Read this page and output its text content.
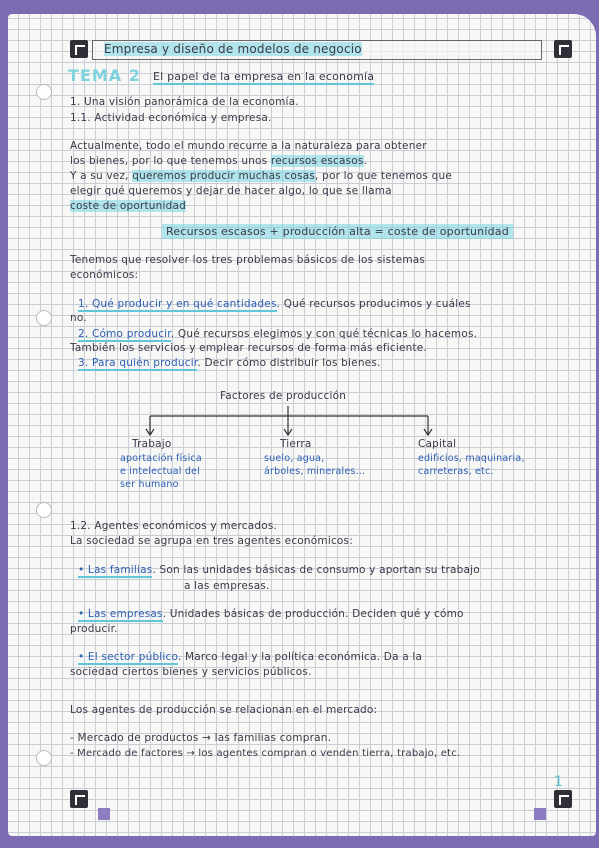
Empresa y diseño de modelos de negocio
TEMA 2 El papel de la empresa en la economía
1. Una visión panorámica de la economía.
1.1. Actividad económica y empresa.
Actualmente, todo el mundo recurre a la naturaleza para obtener
los bienes, por lo que tenemos unos recursos escasos.
Y a su vez, queremos producir muchas cosas, por lo que tenemos que
elegir qué queremos y dejar de hacer algo, lo que se llama
coste de oportunidad
Recursos escasos + producción alta = coste de oportunidad
Tenemos que resolver los tres problemas básicos de los sistemas
económicos:
1. Qué producir y en qué cantidades. Qué recursos producimos y cuáles
no.
2. Cómo producir. Qué recursos elegimos y con qué técnicas lo hacemos.
También los servicios y emplear recursos de forma más eficiente.
3. Para quién producir. Decir cómo distribuir los bienes.
Factores de producción
Trabajo
aportación física
e intelectual del
ser humano
Tierra
suelo, agua,
árboles, minerales...
Capital
edificios, maquinaria,
carreteras, etc.
1.2. Agentes económicos y mercados.
La sociedad se agrupa en tres agentes económicos:
• Las familias. Son las unidades básicas de consumo y aportan su trabajo
a las empresas.
• Las empresas. Unidades básicas de producción. Deciden qué y cómo
producir.
• El sector público. Marco legal y la política económica. Da a la
sociedad ciertos bienes y servicios públicos.
Los agentes de producción se relacionan en el mercado:
- Mercado de productos → las familias compran.
- Mercado de factores → los agentes compran o venden tierra, trabajo, etc.
1
